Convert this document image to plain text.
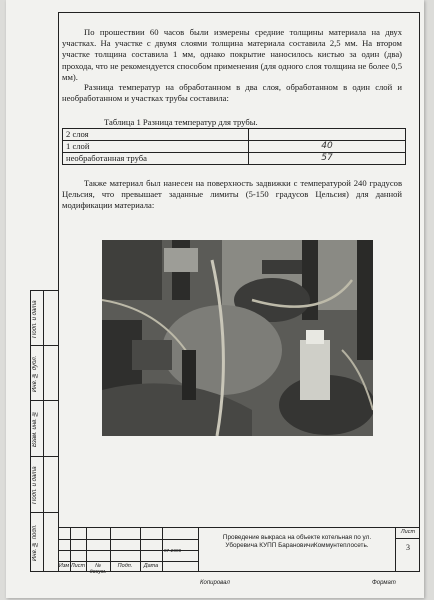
Подп. и дата
Инв. № дубл.
Взам. инв. №
Подп. и дата
Инв. № подл.

По прошествии 60 часов были измерены средние толщины материала на двух участках. На участке с двумя слоями толщина материала составила 2,5 мм. На втором участке толщина составила 1 мм, однако покрытие наносилось кистью за один (два) прохода, что не рекомендуется способом применения (для одного слоя толщина не более 0,5 мм).

Разница температур на обработанном в два слоя, обработанном в один слой и необработанном и участках трубы составила:

Таблица 1 Разница температур для трубы.
2 слоя	
1 слой	40
необработанная труба	57

Также материал был нанесен на поверхность задвижки с температурой 240 градусов Цельсия, что превышает заданные лимиты (5-150 градусов Цельсия) для данной модификации материала:

Изм Лист	№ докум.
Подп.	Дата
07.2009
Проведение выкраса на объекте котельная по ул.
Уборевича КУПП БарановичиКоммунтеплосеть.
Лист
3
Копировал	Формат
